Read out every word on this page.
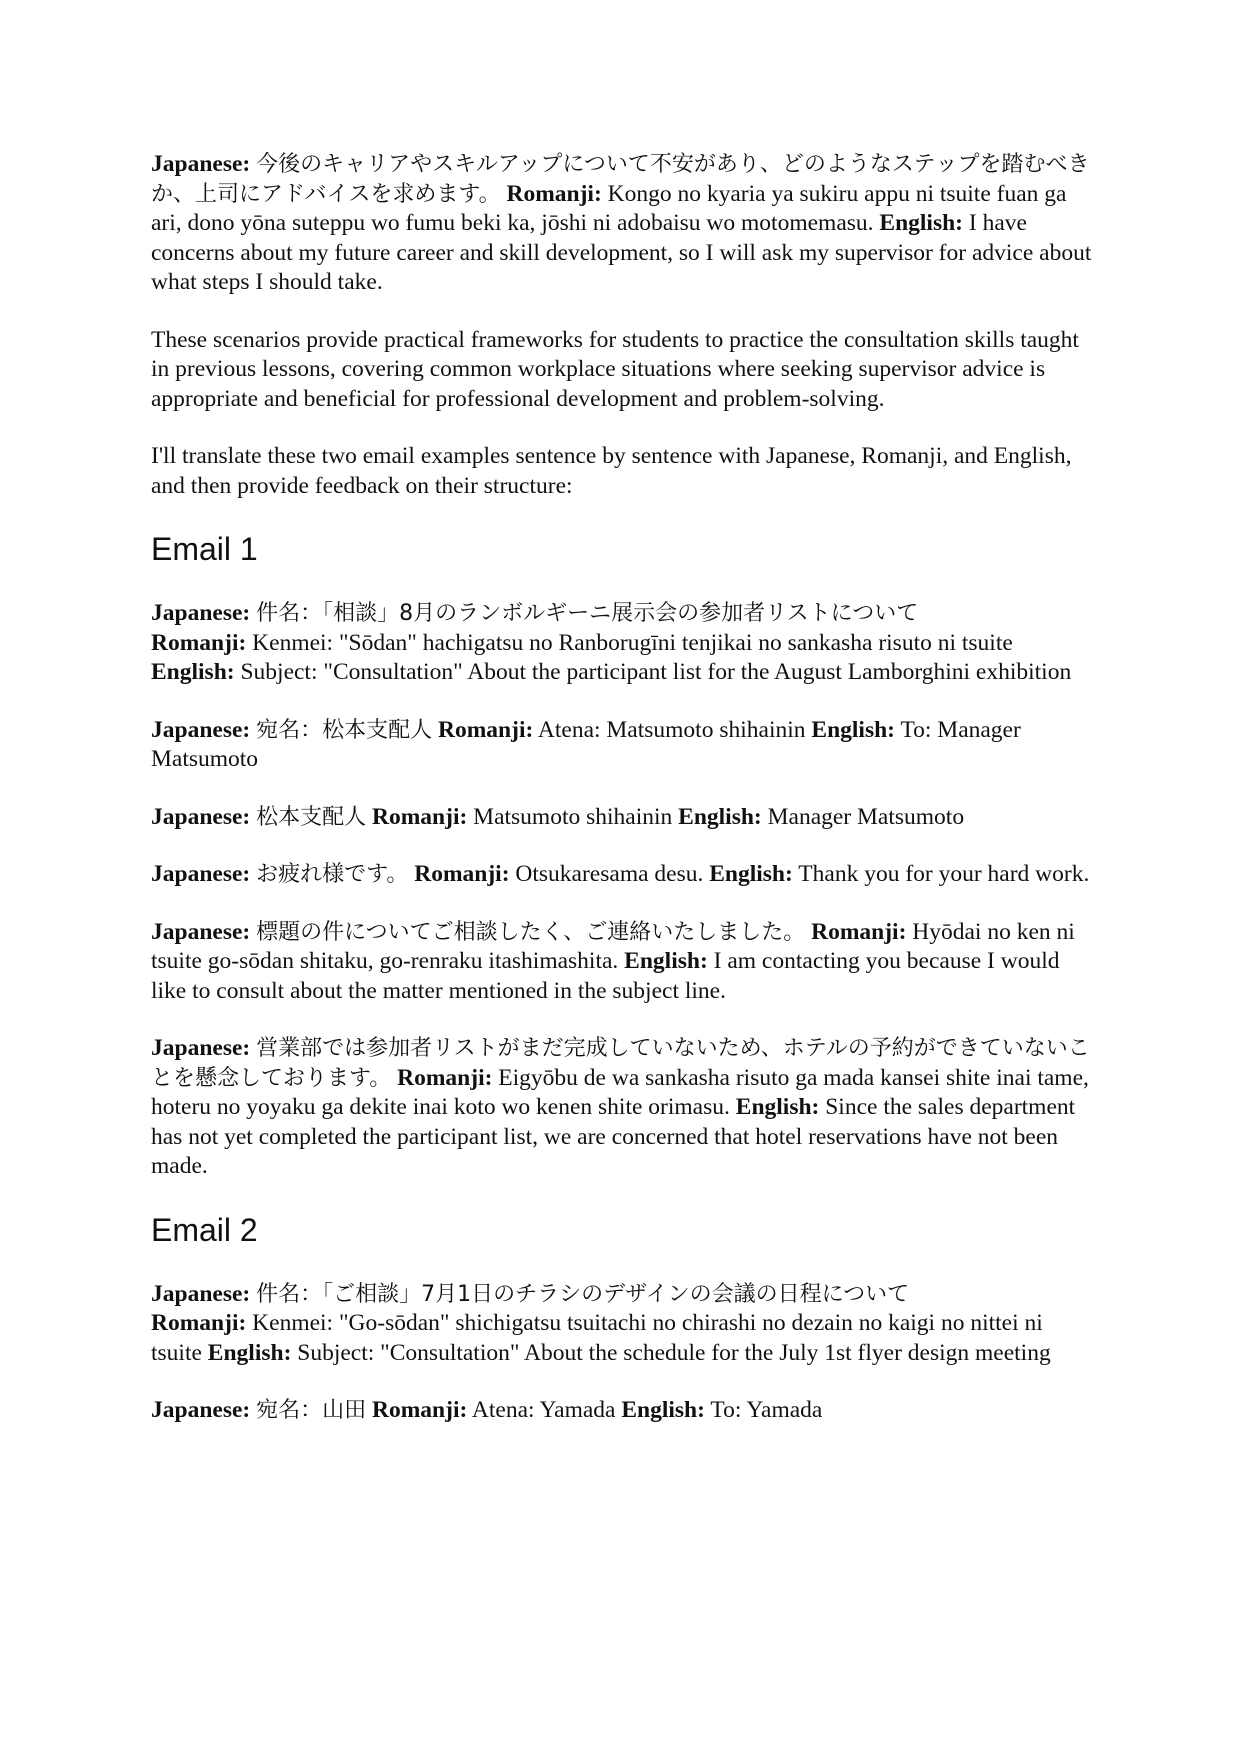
Japanese: 今後のキャリアやスキルアップについて不安があり、どのようなステップを踏むべきか、上司にアドバイスを求めます。 Romanji: Kongo no kyaria ya sukiru appu ni tsuite fuan ga ari, dono yōna suteppu wo fumu beki ka, jōshi ni adobaisu wo motomemasu. English: I have concerns about my future career and skill development, so I will ask my supervisor for advice about what steps I should take.

These scenarios provide practical frameworks for students to practice the consultation skills taught in previous lessons, covering common workplace situations where seeking supervisor advice is appropriate and beneficial for professional development and problem-solving.

I'll translate these two email examples sentence by sentence with Japanese, Romanji, and English, and then provide feedback on their structure:

Email 1

Japanese: 件名：「相談」8月のランボルギーニ展示会の参加者リストについて
Romanji: Kenmei: "Sōdan" hachigatsu no Ranborugīni tenjikai no sankasha risuto ni tsuite
English: Subject: "Consultation" About the participant list for the August Lamborghini exhibition

Japanese: 宛名：松本支配人 Romanji: Atena: Matsumoto shihainin English: To: Manager Matsumoto

Japanese: 松本支配人 Romanji: Matsumoto shihainin English: Manager Matsumoto

Japanese: お疲れ様です。 Romanji: Otsukaresama desu. English: Thank you for your hard work.

Japanese: 標題の件についてご相談したく、ご連絡いたしました。 Romanji: Hyōdai no ken ni tsuite go-sōdan shitaku, go-renraku itashimashita. English: I am contacting you because I would like to consult about the matter mentioned in the subject line.

Japanese: 営業部では参加者リストがまだ完成していないため、ホテルの予約ができていないことを懸念しております。 Romanji: Eigyōbu de wa sankasha risuto ga mada kansei shite inai tame, hoteru no yoyaku ga dekite inai koto wo kenen shite orimasu. English: Since the sales department has not yet completed the participant list, we are concerned that hotel reservations have not been made.

Email 2

Japanese: 件名：「ご相談」7月1日のチラシのデザインの会議の日程について
Romanji: Kenmei: "Go-sōdan" shichigatsu tsuitachi no chirashi no dezain no kaigi no nittei ni tsuite English: Subject: "Consultation" About the schedule for the July 1st flyer design meeting

Japanese: 宛名：山田 Romanji: Atena: Yamada English: To: Yamada
